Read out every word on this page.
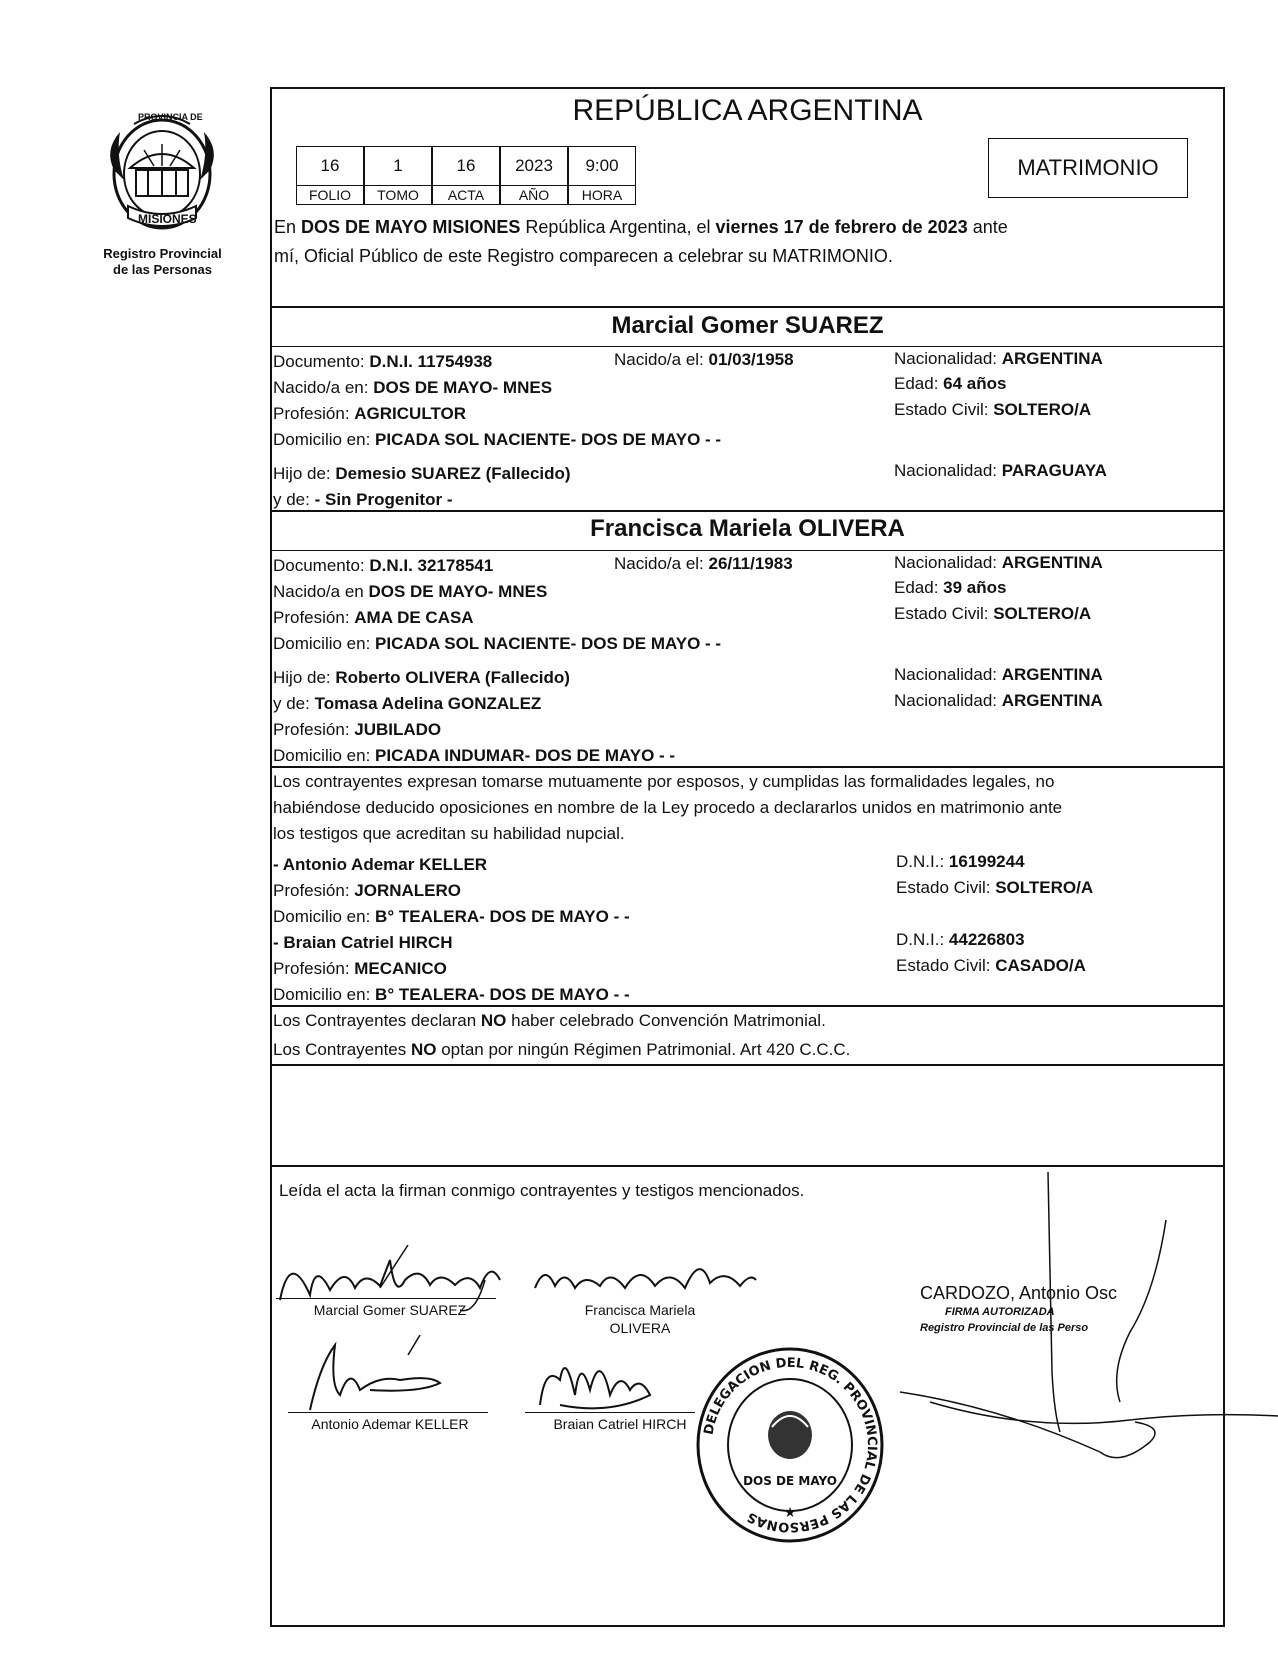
PROVINCIA DE
MISIONES
Registro Provincial
de las Personas
REPÚBLICA ARGENTINA
16	1	16	2023	9:00
FOLIO	TOMO	ACTA	AÑO	HORA
MATRIMONIO
En DOS DE MAYO MISIONES República Argentina, el viernes 17 de febrero de 2023 ante
mí, Oficial Público de este Registro comparecen a celebrar su MATRIMONIO.
Marcial Gomer SUAREZ
Documento: D.N.I. 11754938	Nacido/a el: 01/03/1958	Nacionalidad: ARGENTINA
Nacido/a en: DOS DE MAYO- MNES	Edad: 64 años
Profesión: AGRICULTOR	Estado Civil: SOLTERO/A
Domicilio en: PICADA SOL NACIENTE- DOS DE MAYO - -
Hijo de: Demesio SUAREZ (Fallecido)	Nacionalidad: PARAGUAYA
y de: - Sin Progenitor -
Francisca Mariela OLIVERA
Documento: D.N.I. 32178541	Nacido/a el: 26/11/1983	Nacionalidad: ARGENTINA
Nacido/a en DOS DE MAYO- MNES	Edad: 39 años
Profesión: AMA DE CASA	Estado Civil: SOLTERO/A
Domicilio en: PICADA SOL NACIENTE- DOS DE MAYO - -
Hijo de: Roberto OLIVERA (Fallecido)	Nacionalidad: ARGENTINA
y de: Tomasa Adelina GONZALEZ	Nacionalidad: ARGENTINA
Profesión: JUBILADO
Domicilio en: PICADA INDUMAR- DOS DE MAYO - -
Los contrayentes expresan tomarse mutuamente por esposos, y cumplidas las formalidades legales, no
habiéndose deducido oposiciones en nombre de la Ley procedo a declararlos unidos en matrimonio ante
los testigos que acreditan su habilidad nupcial.
- Antonio Ademar KELLER	D.N.I.: 16199244
Profesión: JORNALERO	Estado Civil: SOLTERO/A
Domicilio en: B° TEALERA- DOS DE MAYO - -
- Braian Catriel HIRCH	D.N.I.: 44226803
Profesión: MECANICO	Estado Civil: CASADO/A
Domicilio en: B° TEALERA- DOS DE MAYO - -
Los Contrayentes declaran NO haber celebrado Convención Matrimonial.
Los Contrayentes NO optan por ningún Régimen Patrimonial. Art 420 C.C.C.
Leída el acta la firman conmigo contrayentes y testigos mencionados.
Marcial Gomer SUAREZ	Francisca Mariela
OLIVERA
Antonio Ademar KELLER	Braian Catriel HIRCH
CARDOZO, Antonio Osc
FIRMA AUTORIZADA
Registro Provincial de las Perso
DELEGACION DEL REG. PROVINCIAL DE LAS PERSONAS
DOS DE MAYO
★
